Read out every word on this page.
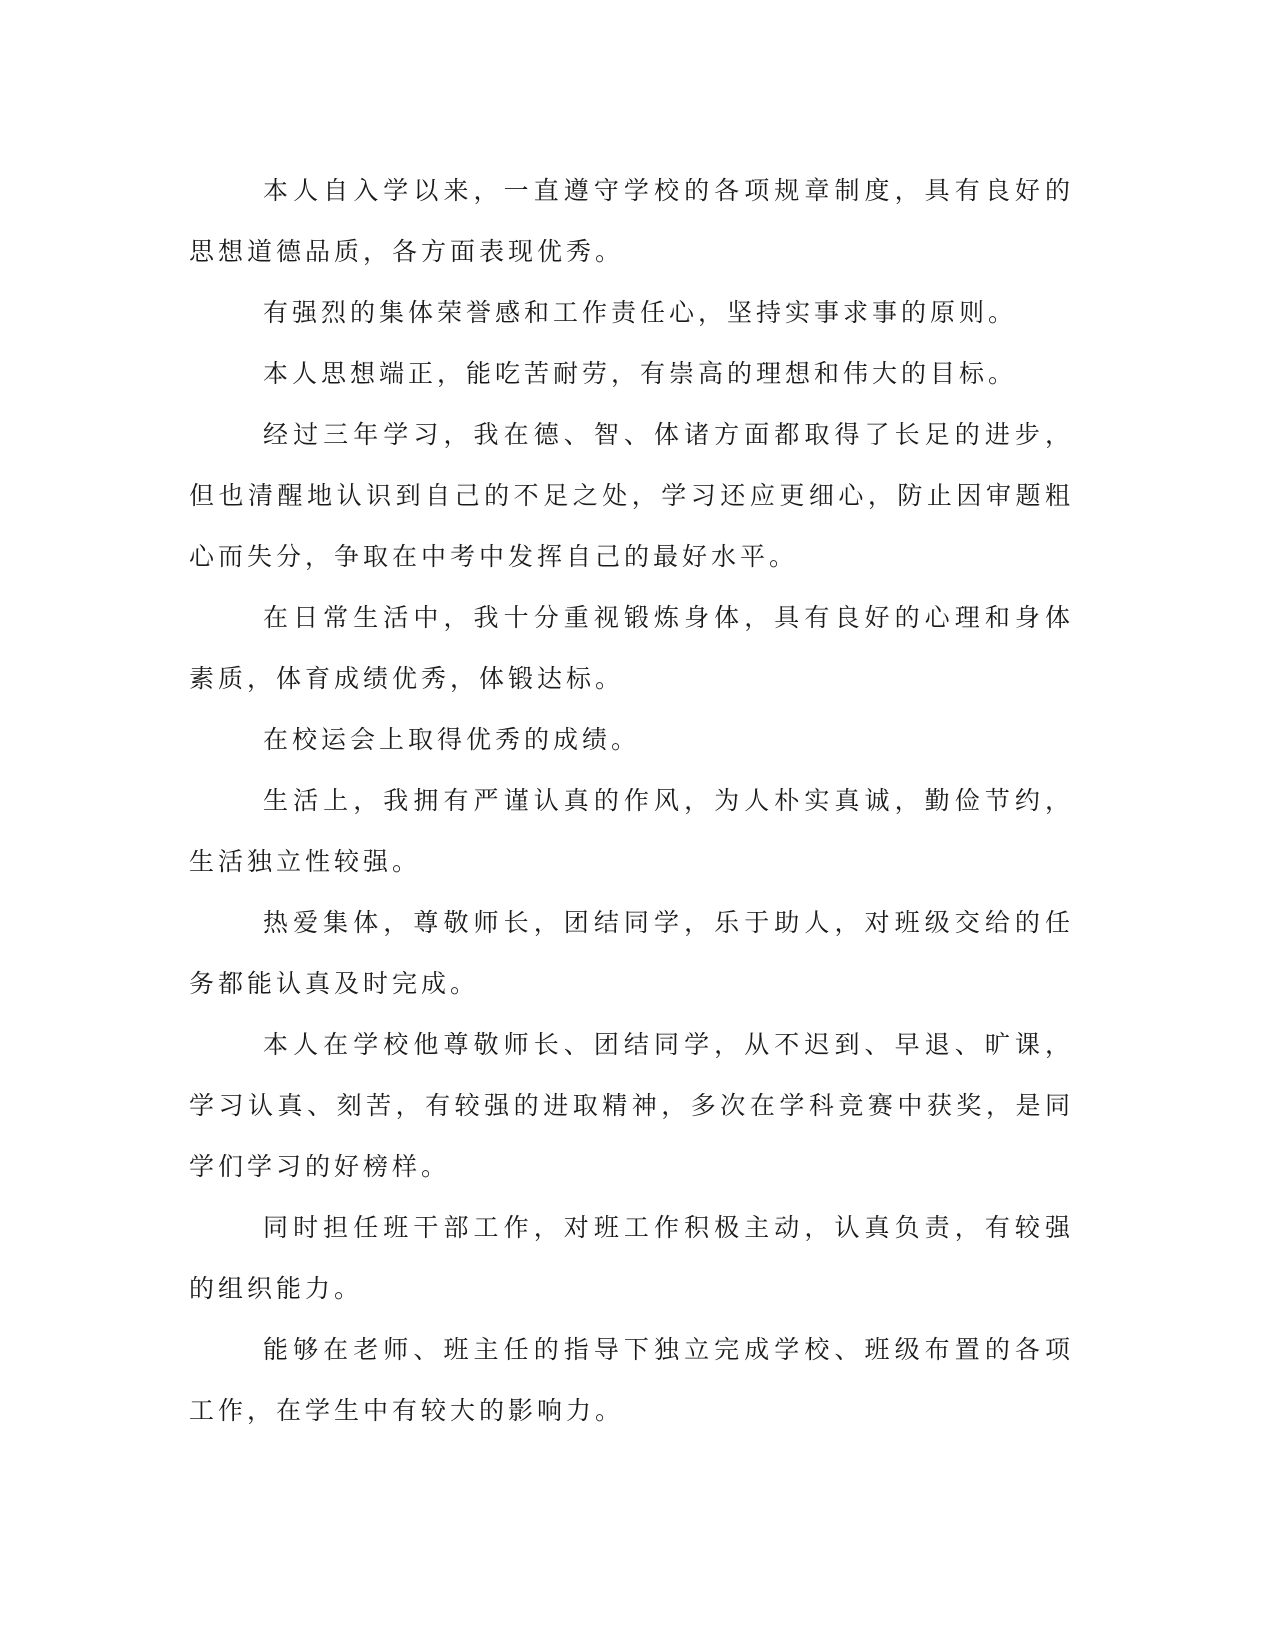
本人自入学以来，一直遵守学校的各项规章制度，具有良好的思想道德品质，各方面表现优秀。

有强烈的集体荣誉感和工作责任心，坚持实事求事的原则。

本人思想端正，能吃苦耐劳，有崇高的理想和伟大的目标。

经过三年学习，我在德、智、体诸方面都取得了长足的进步，但也清醒地认识到自己的不足之处，学习还应更细心，防止因审题粗心而失分，争取在中考中发挥自己的最好水平。

在日常生活中，我十分重视锻炼身体，具有良好的心理和身体素质，体育成绩优秀，体锻达标。

在校运会上取得优秀的成绩。

生活上，我拥有严谨认真的作风，为人朴实真诚，勤俭节约，生活独立性较强。

热爱集体，尊敬师长，团结同学，乐于助人，对班级交给的任务都能认真及时完成。

本人在学校他尊敬师长、团结同学，从不迟到、早退、旷课，学习认真、刻苦，有较强的进取精神，多次在学科竞赛中获奖，是同学们学习的好榜样。

同时担任班干部工作，对班工作积极主动，认真负责，有较强的组织能力。

能够在老师、班主任的指导下独立完成学校、班级布置的各项工作，在学生中有较大的影响力。
